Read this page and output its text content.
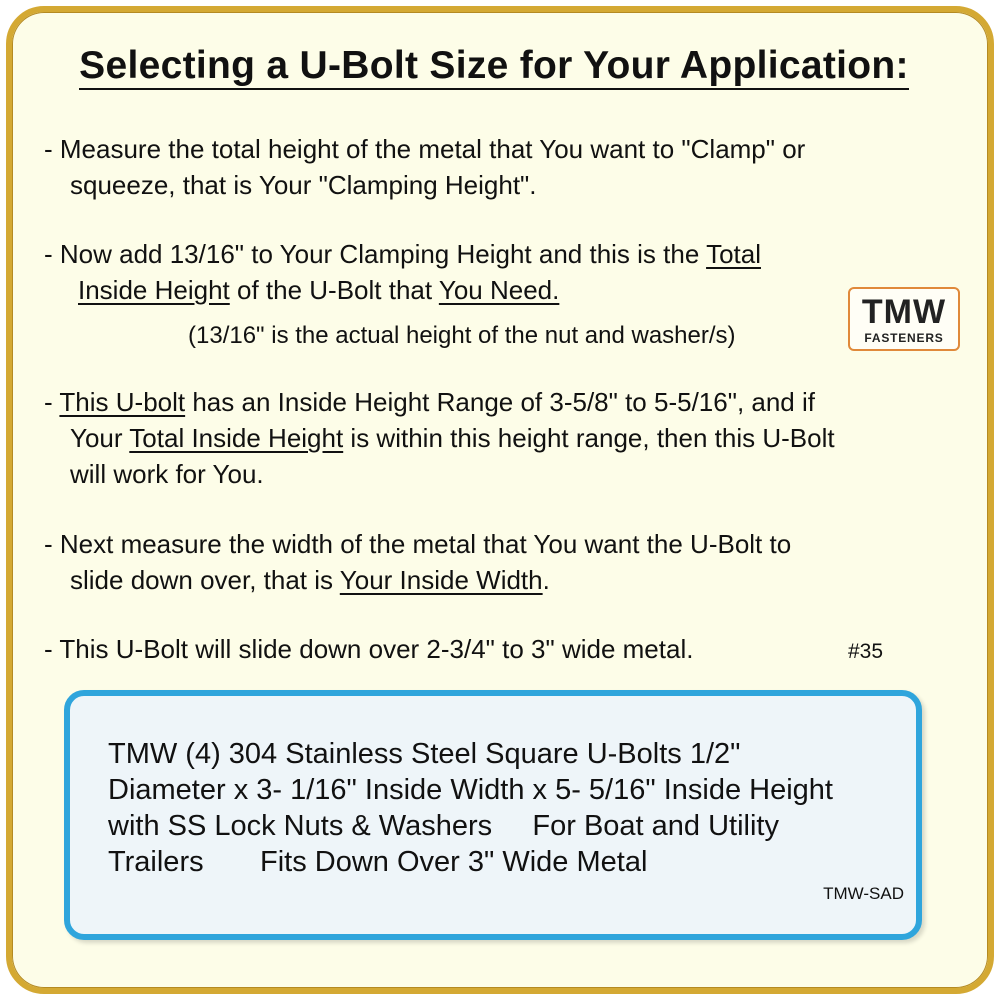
Selecting a U-Bolt Size for Your Application:
- Measure the total height of the metal that You want to "Clamp" or
squeeze, that is Your "Clamping Height".
- Now add 13/16" to Your Clamping Height and this is the Total
Inside Height of the U-Bolt that You Need.
(13/16" is the actual height of the nut and washer/s)
TMW
FASTENERS
- This U-bolt has an Inside Height Range of 3-5/8" to 5-5/16", and if
Your Total Inside Height is within this height range, then this U-Bolt
will work for You.
- Next measure the width of the metal that You want the U-Bolt to
slide down over, that is Your Inside Width.
- This U-Bolt will slide down over 2-3/4" to 3" wide metal.	#35
TMW (4) 304 Stainless Steel Square U-Bolts 1/2"
Diameter x 3- 1/16" Inside Width x 5- 5/16" Inside Height
with SS Lock Nuts & Washers     For Boat and Utility
Trailers       Fits Down Over 3" Wide Metal
TMW-SAD
